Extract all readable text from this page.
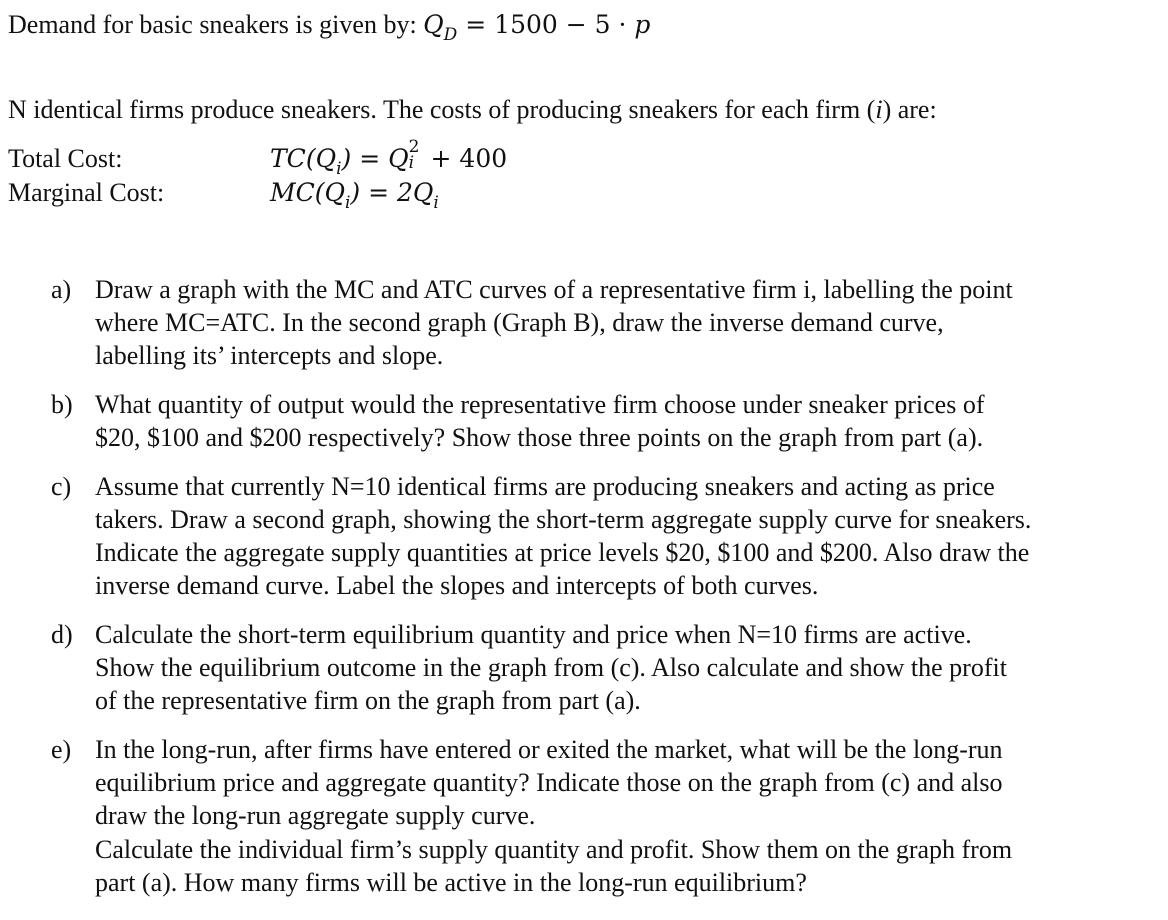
Demand for basic sneakers is given by: $Q_D = 1500 - 5 \cdot p$
N identical firms produce sneakers. The costs of producing sneakers for each firm (i) are:
Total Cost:	$TC(Q_i) = Q$ 2
i + 400
Marginal Cost:	$MC(Q_i) = 2Q_i$
a) Draw a graph with the MC and ATC curves of a representative firm i, labelling the point
where MC=ATC. In the second graph (Graph B), draw the inverse demand curve,
labelling its’ intercepts and slope.
b) What quantity of output would the representative firm choose under sneaker prices of
$20, $100 and $200 respectively? Show those three points on the graph from part (a).
c) Assume that currently N=10 identical firms are producing sneakers and acting as price
takers. Draw a second graph, showing the short-term aggregate supply curve for sneakers.
Indicate the aggregate supply quantities at price levels $20, $100 and $200. Also draw the
inverse demand curve. Label the slopes and intercepts of both curves.
d) Calculate the short-term equilibrium quantity and price when N=10 firms are active.
Show the equilibrium outcome in the graph from (c). Also calculate and show the profit
of the representative firm on the graph from part (a).
e) In the long-run, after firms have entered or exited the market, what will be the long-run
equilibrium price and aggregate quantity? Indicate those on the graph from (c) and also
draw the long-run aggregate supply curve.
Calculate the individual firm’s supply quantity and profit. Show them on the graph from
part (a). How many firms will be active in the long-run equilibrium?
